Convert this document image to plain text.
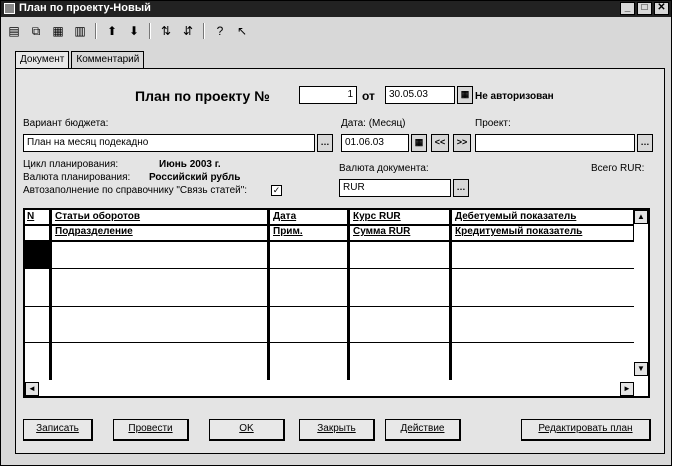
План по проекту-Новый	_	□ ✕
▤	⧉	▦ ▥	⬆ ⬇	⇅ ⇵	?	↖
Документ	Комментарий
План по проекту №	1 от	30.05.03	▦ Не авторизован
Вариант бюджета:
План на месяц подекадно	…
Дата: (Месяц)
01.06.03	▦	<<	>>
Проект:
…
Цикл планирования:	Июнь 2003 г.
Валюта планирования: Российский рубль
Автозаполнение по справочнику "Связь статей":	✓
Валюта документа:
RUR	…
Всего RUR:
N Статьи оборотов	Дата	Курс RUR	Дебетуемый показатель
Подразделение	Прим.	Сумма RUR	Кредитуемый показатель
▲
▼
◄	►
Записать	Провести	OK	Закрыть	Действие	Редактировать план
